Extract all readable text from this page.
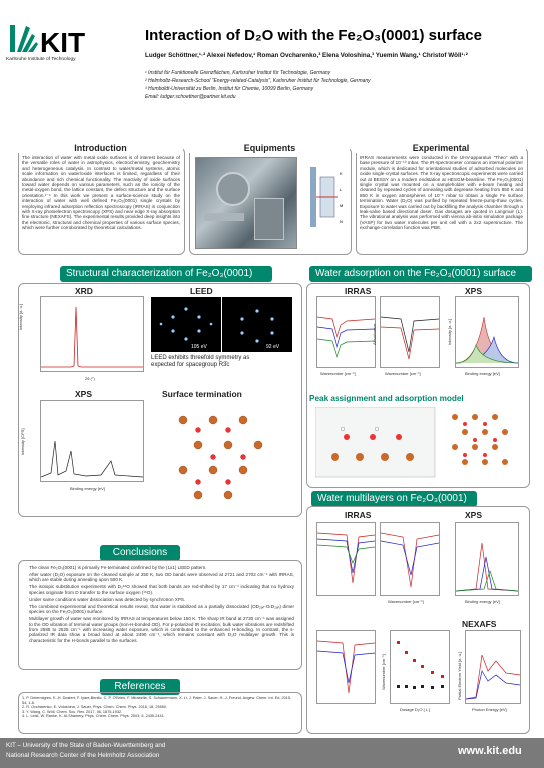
KIT
Karlsruhe Institute of Technology
Interaction of D₂O with the Fe₂O₃(0001) surface
Ludger Schöttner,¹·² Alexei Nefedov,¹ Roman Ovcharenko,³ Elena Voloshina,³ Yuemin Wang,¹ Christof Wöll¹·²
¹ Institut für Funktionelle Grenzflächen, Karlsruher Institut für Technologie, Germany
² Helmholtz-Research-School "Energy-related-Catalysis", Karlsruher Institut für Technologie, Germany
³ Humboldt-Universität zu Berlin, Institut für Chemie, 10099 Berlin, Germany
Email: ludger.schoettner@partner.kit.edu
Introduction
The interaction of water with metal oxide surfaces is of interest because of the versatile roles of water in astrophysics, electrochemistry, geochemistry and heterogeneous catalysis. In contrast to water/metal systems, atomic scale information on water/oxide interfaces is limited, regardless of their abundance and rich chemical functionality. The reactivity of oxide surfaces toward water depends on various parameters, such as the ionicity of the metal-oxygen bond, the lattice constant, the defect structure and the surface orientation.¹⁻⁴ In this work we present a surface-science study on the interaction of water with well defined Fe₂O₃(0001) single crystals by employing infrared adsorption reflection spectroscopy (IRRAS) in conjunction with X-ray photoelectron spectroscopy (XPS) and near edge X-ray absorption fine structure (NEXAFS). The experimental results provided deep insights into the electronic, structural and chemical properties of various surface species, which were further corroborated by theoretical calculations.
Equipments
K
L
M
N
Experimental
IRRAS measurements were conducted in the UHV-apparatus "Theo" with a base pressure of 10⁻¹⁰ mbar. The IR-spectrometer contains an internal polarizer module, which is dedicated for orientational studies of adsorbed molecules on oxide single-crystal surfaces. The X-ray spectroscopic experiments were carried out at BESSY on a modern endstation at HESGM-beamline. The Fe₂O₃(0001) single crystal was mounted on a sampleholder with e-beam heating and cleaned by repeated cycles of annealing with degrease heating from 850 K and 850 K in oxygen atmospheres of 10⁻⁶ mbar to obtain a single Fe surface termination. Water (D₂O) was purified by repeated freeze-pump-thaw cycles. Exposure to water was carried out by backfilling the analysis chamber through a leak-valve based directional doser. Gas dosages are quoted in Langmuir (L). The vibrational analysis was performed with vienna ab-initio simulation package (VASP) for two water molecules per unit cell with a 2x2 supersructure. The exchange-correlation function was PBE.
Structural characterization of Fe₂O₃(0001)
XRD	LEED
2θ (°)
Intensity [a. u.]
105 eV	92 eV
LEED exhibits threefold symmetry as expected for spacegroup R3̄c
XPS	Surface termination
Binding energy [eV]
Intensity [CPS]
Conclusions
• The clean Fe₂O₃(0001) is primarily Fe-terminated confirmed by the (1x1) LEED pattern.
• After water (D₂O) exposure on the cleaned sample at 250 K, two OD bands were observed at 2721 and 2702 cm⁻¹ with IRRAS, which are stable during annealing upon 500 K.
• The isotopic substitution experiments with D₂¹⁸O showed that both bands are red-shifted by 17 cm⁻¹ indicating that no hydroxy species originate from D transfer to the surface oxygen (¹⁶O).
• Under same conditions water dissociation was detected by synchrotron XPS.
• The combined experimental and theoretical results reveal, that water is stabilized as a partially dissociated (OD₂ₐₙ-OₜD₂ₐₙ) dimer species on the Fe₂O₃(0001) surface.
• Multilayer growth of water was monitored by IRRAS at temperatures below 150 K. The sharp IR band at 2730 cm⁻¹ was assigned to the OD vibration of terminal water groups (non-H-bonded OD). For p-polarized IR excitation, bulk water vibrations are redshifted from 2585 to 2525 cm⁻¹ with increasing water exposure, which is contributed to the enhanced H-bonding. In contrast, the s-polarized IR data show a broad band at about 2490 cm⁻¹, which remains constant with D₂O multilayer growth. This is characteristic for the H-bonds parallel to the surfaces.
References
1. P. Deiermigres, K.-H. Dostert, F. Iyare-Benito, C. P. O'Brien, F. Mirabella, S. Schauermann, X. Li, J. Paier, J. Sauer, H.-J. Freund, Angew. Chem. Int. Ed. 2015, 54, 1-6.
2. R. Ovcharenko, E. Voloshina, J. Sauer, Phys. Chem. Chem. Phys. 2016, 18, 25560.
3. Y. Wang, C. Wöll, Chem. Soc. Rev. 2017, 46, 1875-1932.
4. L. Leist, W. Ranke, K. Al-Shamery, Phys. Chem. Chem. Phys. 2003, 5, 2435-2441.
Water adsorption on the Fe₂O₃(0001) surface
IRRAS	XPS
Wavenumber [cm⁻¹]	Wavenumber [cm⁻¹]
Absorbance
Binding energy [eV]
Intensity [a. u.]
Peak assignment and adsorption model
Water multilayers on Fe₂O₃(0001)
IRRAS	XPS
Wavenumber [cm⁻¹]	Binding energy [eV]
NEXAFS
Dosage D₂O [ L ]
Wavenumber [cm⁻¹]
Photon Energy [eV]
Partial Electron Yield [a. u.]
KIT – University of the State of Baden-Wuerttemberg and
National Research Center of the Helmholtz Association	www.kit.edu
